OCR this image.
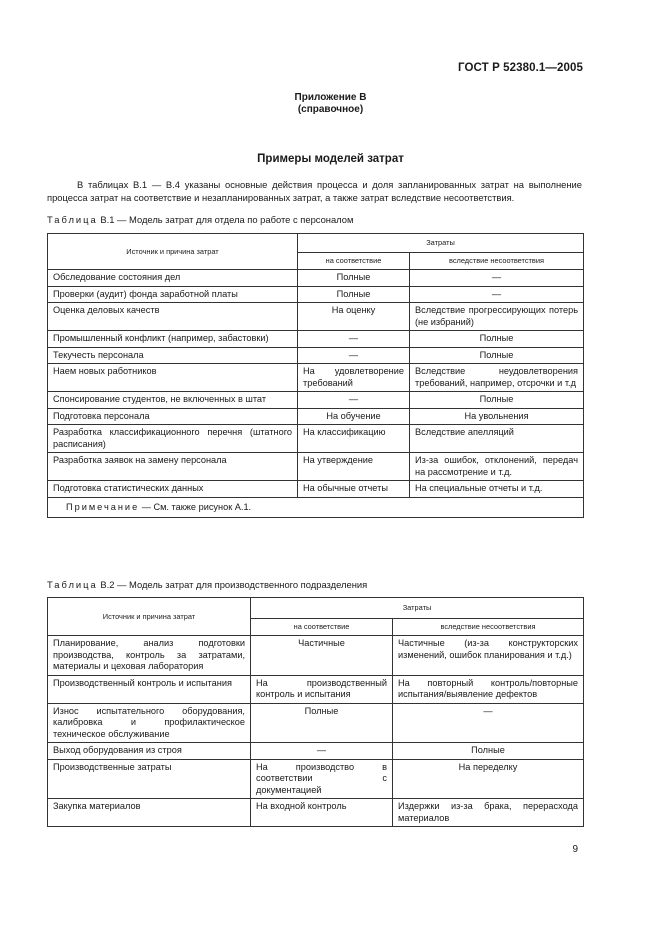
ГОСТ Р 52380.1—2005
Приложение В
(справочное)
Примеры моделей затрат
В таблицах В.1 — В.4 указаны основные действия процесса и доля запланированных затрат на выполнение процесса затрат на соответствие и незапланированных затрат, а также затрат вследствие несоответствия.
Таблица В.1 — Модель затрат для отдела по работе с персоналом
Источник и причина затрат	Затраты	
	на соответствие	вследствие несоответствия
Обследование состояния дел	Полные	—
Проверки (аудит) фонда заработной платы	Полные	—
Оценка деловых качеств	На оценку	Вследствие прогрессирующих потерь (не избраний)
Промышленный конфликт (например, забастовки)	—	Полные
Текучесть персонала	—	Полные
Наем новых работников	На удовлетворение требований	Вследствие неудовлетворения требований, например, отсрочки и т.д
Спонсирование студентов, не включенных в штат	—	Полные
Подготовка персонала	На обучение	На увольнения
Разработка классификационного перечня (штатного расписания)	На классификацию	Вследствие апелляций
Разработка заявок на замену персонала	На утверждение	Из-за ошибок, отклонений, передач на рассмотрение и т.д.
Подготовка статистических данных	На обычные отчеты	На специальные отчеты и т.д.
Примечание — См. также рисунок А.1.		
Таблица В.2 — Модель затрат для производственного подразделения
Источник и причина затрат	Затраты	
	на соответствие	вследствие несоответствия
Планирование, анализ подготовки производства, контроль за затратами, материалы и цеховая лаборатория	Частичные	Частичные (из-за конструкторских изменений, ошибок планирования и т.д.)
Производственный контроль и испытания	На производственный контроль и испытания	На повторный контроль/повторные испытания/выявление дефектов
Износ испытательного оборудования, калибровка и профилактическое техническое обслуживание	Полные	—
Выход оборудования из строя	—	Полные
Производственные затраты	На производство в соответствии с документацией	На переделку
Закупка материалов	На входной контроль	Издержки из-за брака, перерасхода материалов
9
